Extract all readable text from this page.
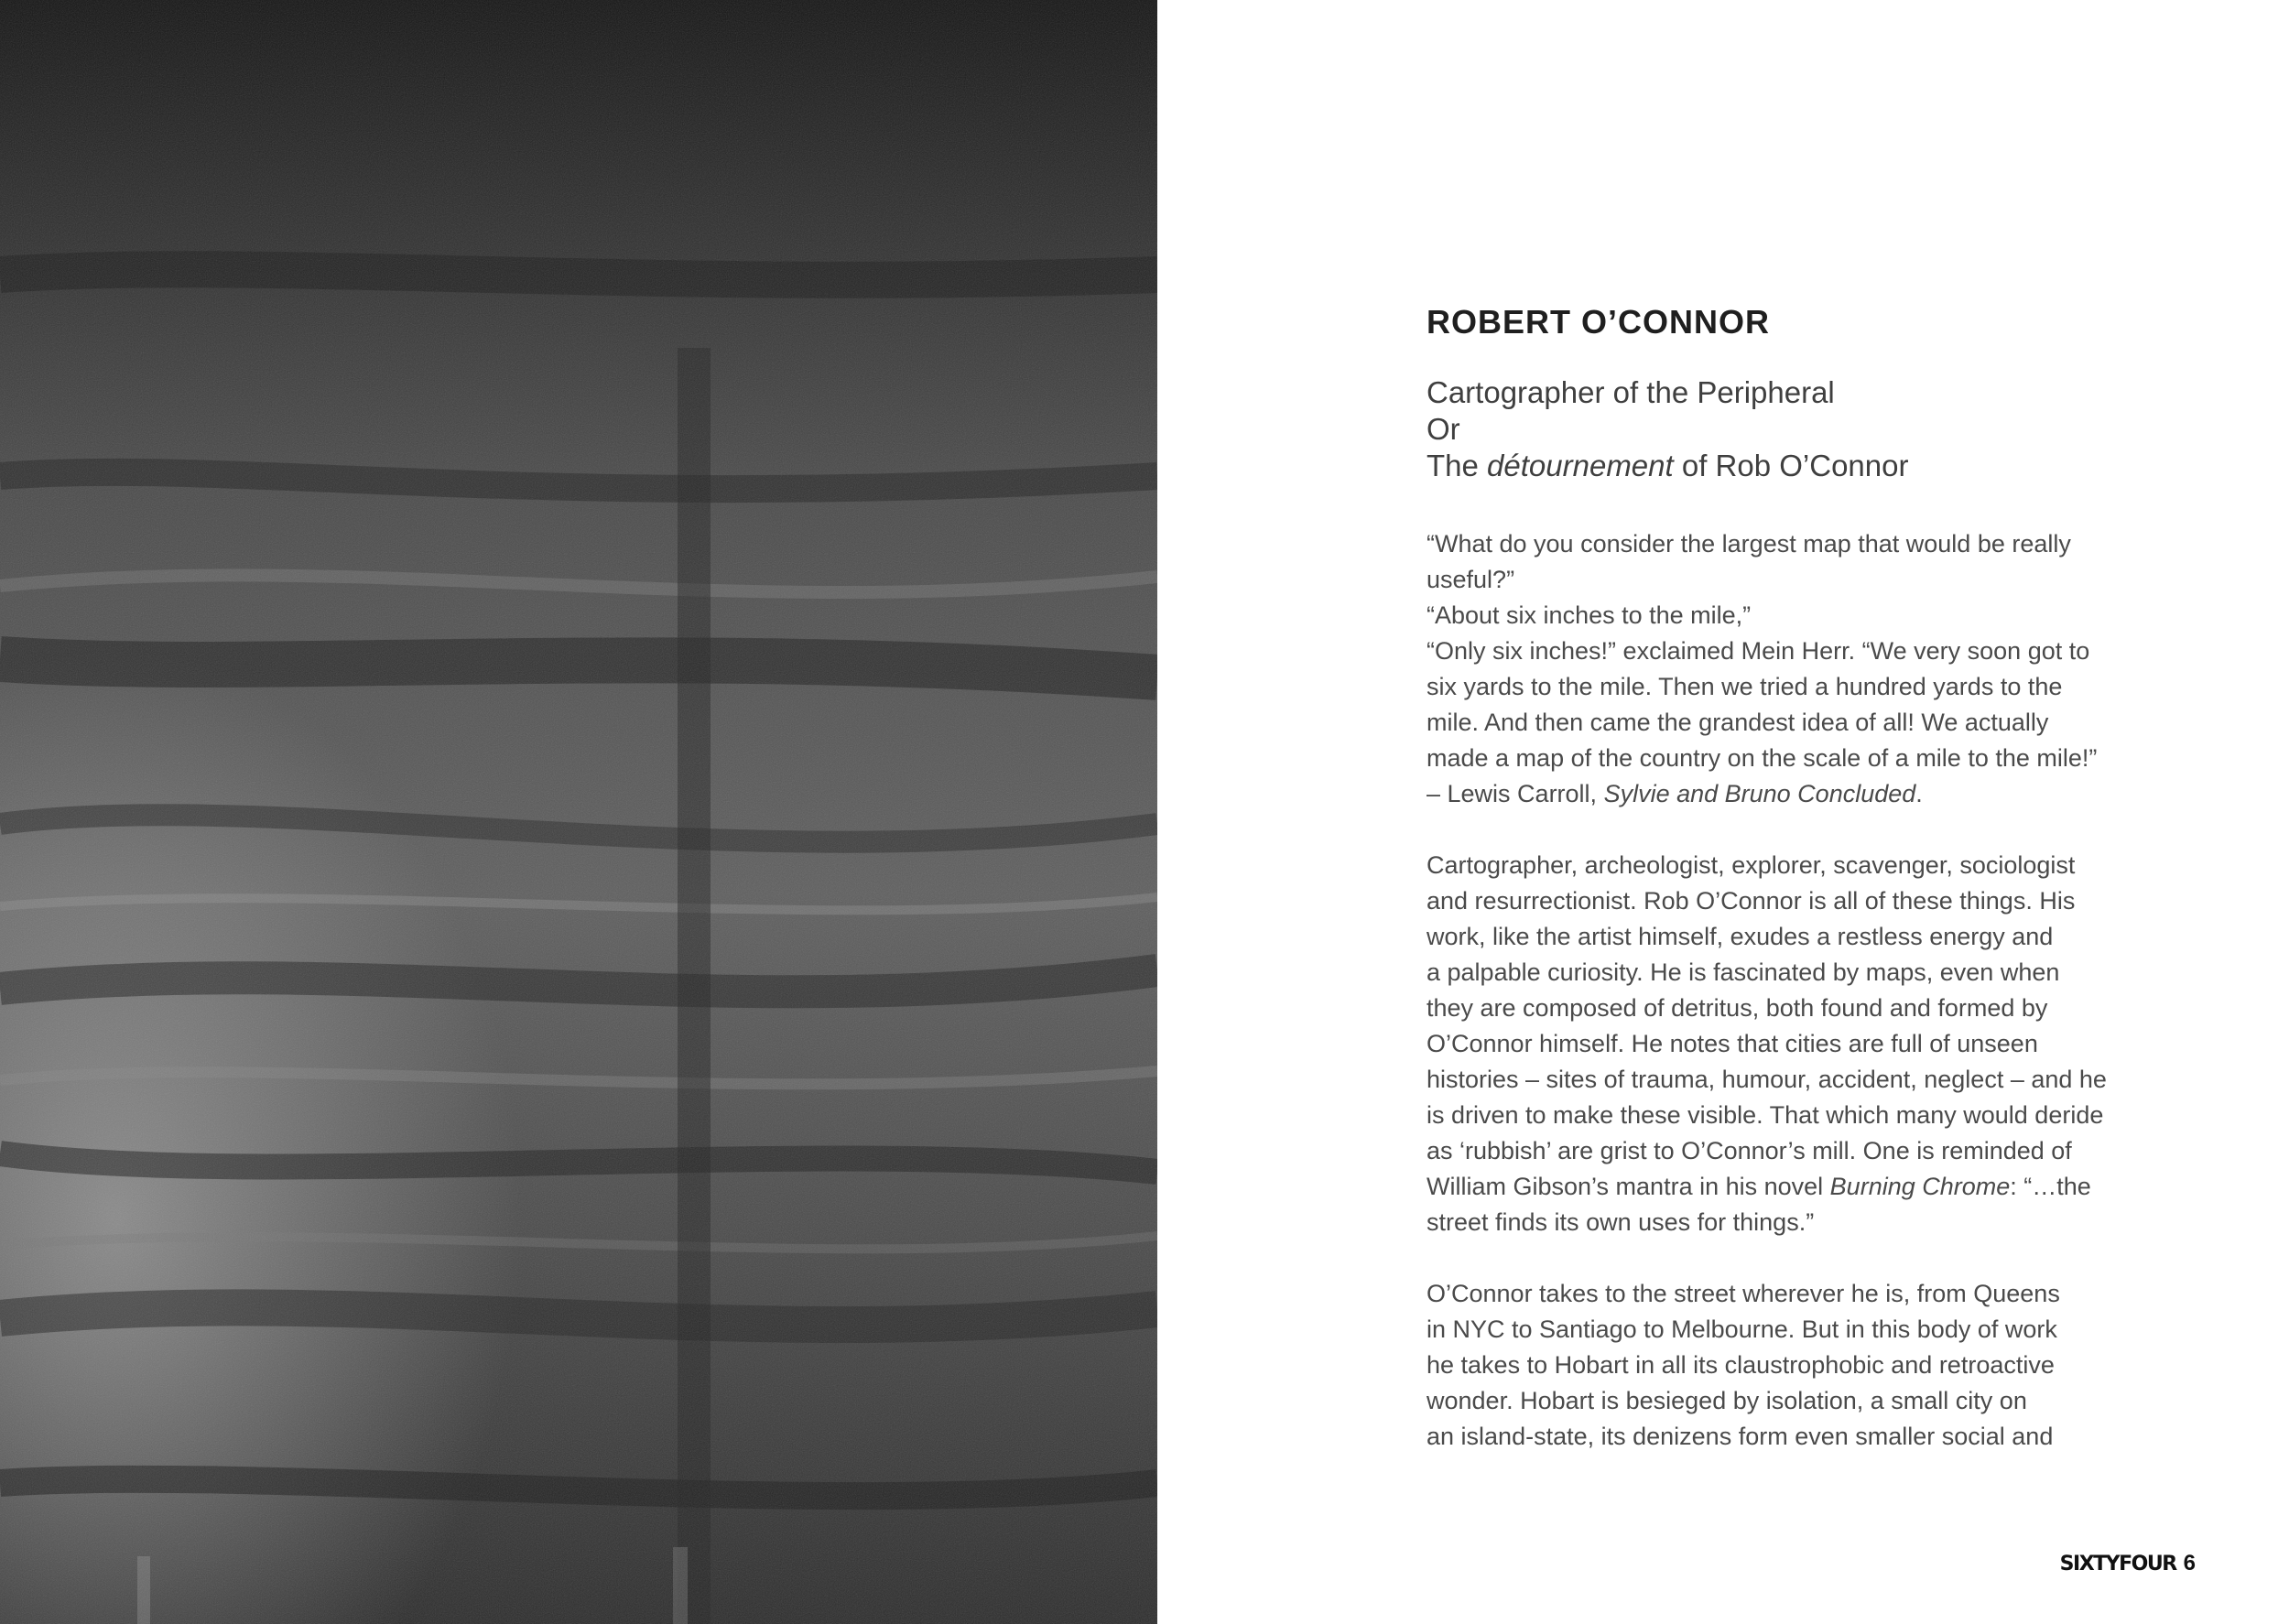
ROBERT O’CONNOR
Cartographer of the Peripheral
Or
The détournement of Rob O’Connor
“What do you consider the largest map that would be really
useful?”
“About six inches to the mile,”
“Only six inches!” exclaimed Mein Herr. “We very soon got to
six yards to the mile. Then we tried a hundred yards to the
mile. And then came the grandest idea of all! We actually
made a map of the country on the scale of a mile to the mile!”
– Lewis Carroll, Sylvie and Bruno Concluded.
Cartographer, archeologist, explorer, scavenger, sociologist
and resurrectionist. Rob O’Connor is all of these things. His
work, like the artist himself, exudes a restless energy and
a palpable curiosity. He is fascinated by maps, even when
they are composed of detritus, both found and formed by
O’Connor himself. He notes that cities are full of unseen
histories – sites of trauma, humour, accident, neglect – and he
is driven to make these visible. That which many would deride
as ‘rubbish’ are grist to O’Connor’s mill. One is reminded of
William Gibson’s mantra in his novel Burning Chrome: “…the
street finds its own uses for things.”
O’Connor takes to the street wherever he is, from Queens
in NYC to Santiago to Melbourne. But in this body of work
he takes to Hobart in all its claustrophobic and retroactive
wonder. Hobart is besieged by isolation, a small city on
an island-state, its denizens form even smaller social and
SIXTYFOUR 6
